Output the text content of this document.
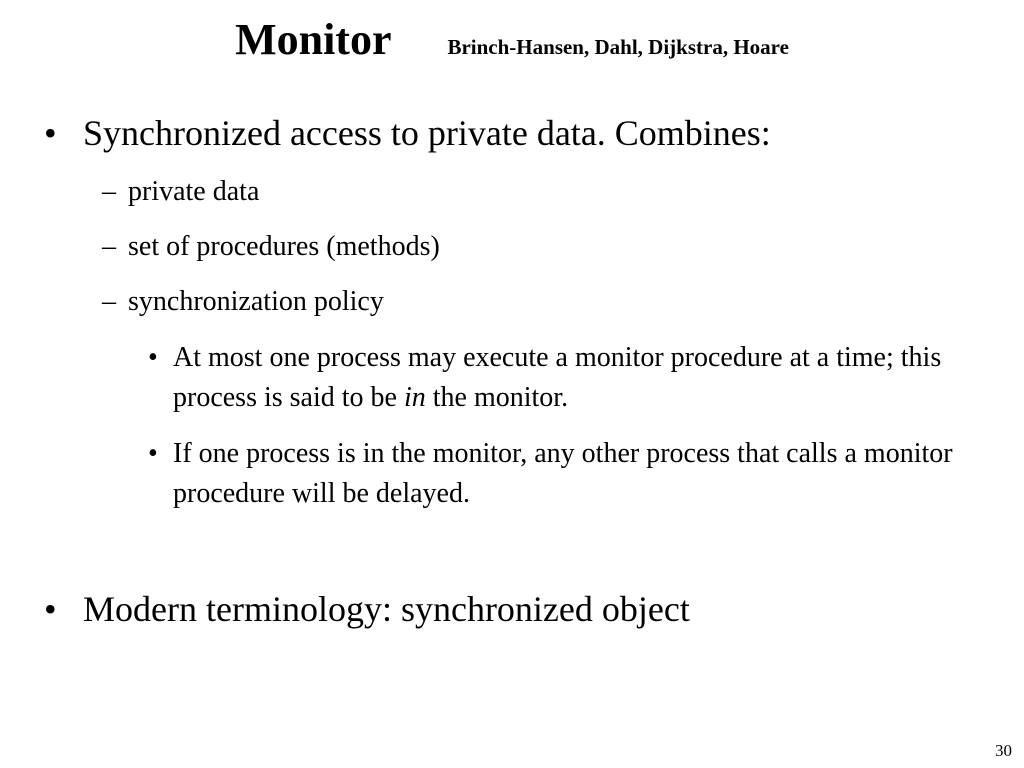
Monitor	Brinch-Hansen, Dahl, Dijkstra, Hoare
• Synchronized access to private data. Combines:
– private data
– set of procedures (methods)
– synchronization policy
• At most one process may execute a monitor procedure at a time; this process is said to be in the monitor.
• If one process is in the monitor, any other process that calls a monitor procedure will be delayed.
• Modern terminology: synchronized object
30
